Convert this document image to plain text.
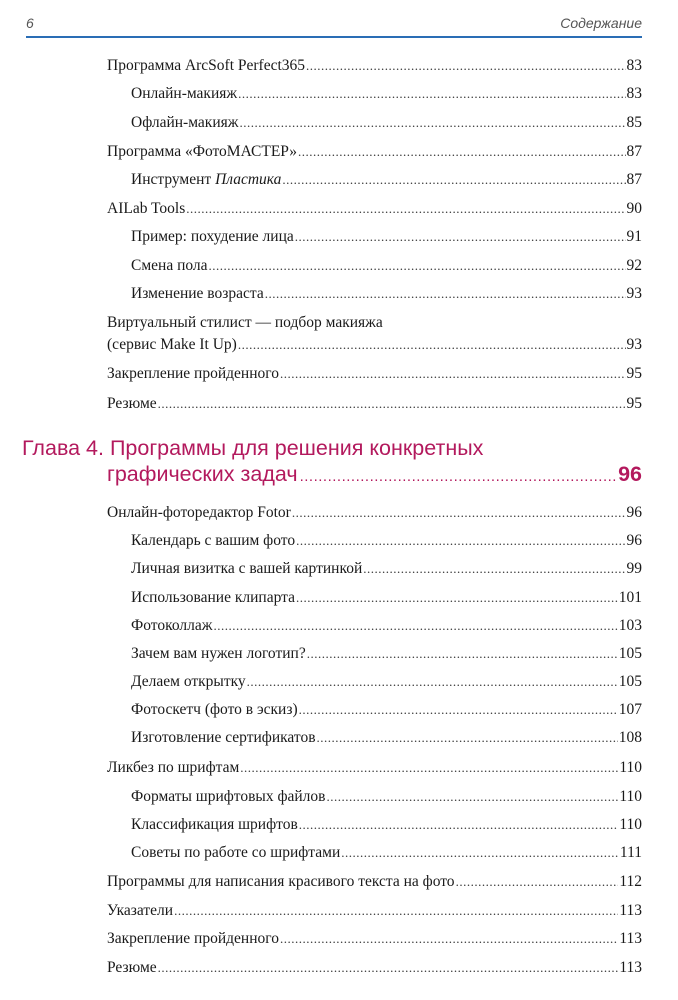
6	Содержание
Программа ArcSoft Perfect365 .....	83
Онлайн-макияж .....	83
Офлайн-макияж .....	85
Программа «ФотоМАСТЕР» .....	87
Инструмент Пластика .....	87
AILab Tools .....	90
Пример: похудение лица .....	91
Смена пола .....	92
Изменение возраста .....	93
Виртуальный стилист — подбор макияжа
(сервис Make It Up) .....	93
Закрепление пройденного .....	95
Резюме .....	95
Глава 4. Программы для решения конкретных
графических задач .....	96
Онлайн-фоторедактор Fotor .....	96
Календарь с вашим фото .....	96
Личная визитка с вашей картинкой .....	99
Использование клипарта .....	101
Фотоколлаж .....	103
Зачем вам нужен логотип? .....	105
Делаем открытку .....	105
Фотоскетч (фото в эскиз) .....	107
Изготовление сертификатов .....	108
Ликбез по шрифтам .....	110
Форматы шрифтовых файлов .....	110
Классификация шрифтов .....	110
Советы по работе со шрифтами .....	111
Программы для написания красивого текста на фото .....	112
Указатели .....	113
Закрепление пройденного .....	113
Резюме .....	113
